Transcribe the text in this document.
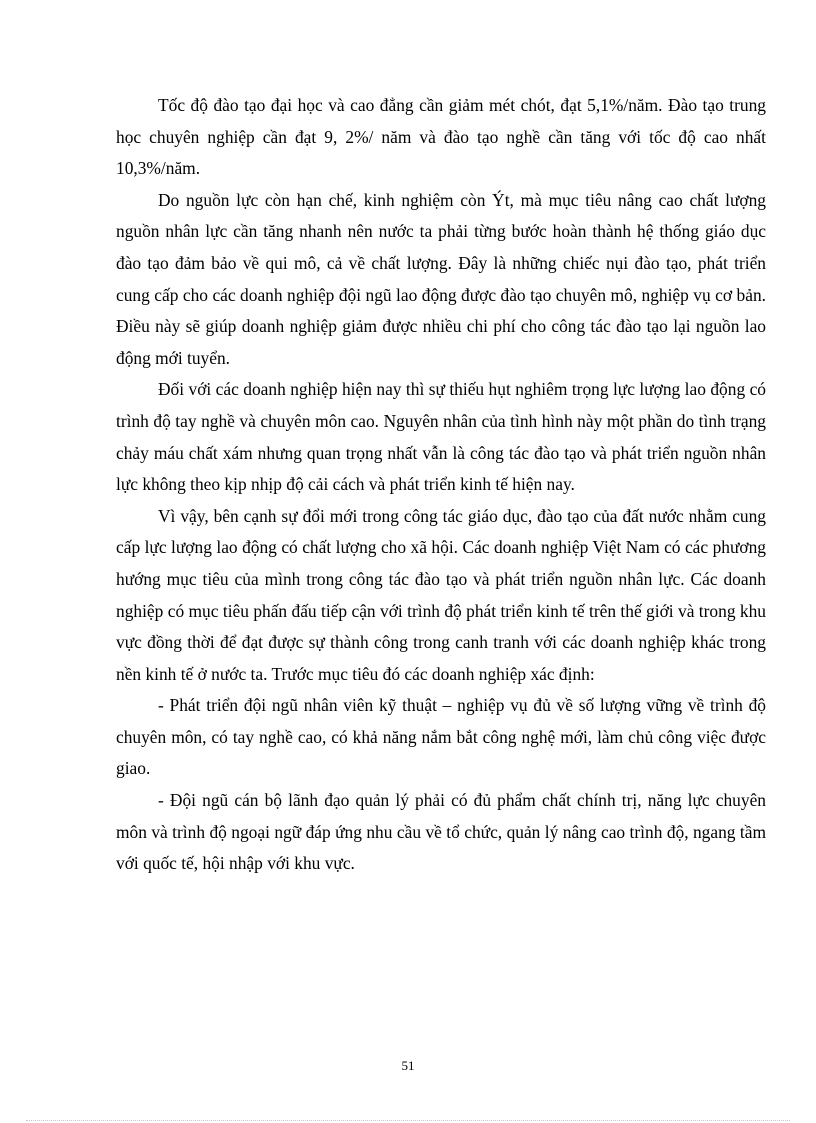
Tốc độ đào tạo đại học và cao đẳng cần giảm mét chót, đạt 5,1%/năm. Đào tạo trung học chuyên nghiệp cần đạt 9, 2%/ năm và đào tạo nghề cần tăng với tốc độ cao nhất 10,3%/năm.

Do nguồn lực còn hạn chế, kinh nghiệm còn Ýt, mà mục tiêu nâng cao chất lượng nguồn nhân lực cần tăng nhanh nên nước ta phải từng bước hoàn thành hệ thống giáo dục đào tạo đảm bảo về qui mô, cả về chất lượng. Đây là những chiếc nụi đào tạo, phát triển cung cấp cho các doanh nghiệp đội ngũ lao động được đào tạo chuyên mô, nghiệp vụ cơ bản. Điều này sẽ giúp doanh nghiệp giảm được nhiều chi phí cho công tác đào tạo lại nguồn lao động mới tuyển.

Đối với các doanh nghiệp hiện nay thì sự thiếu hụt nghiêm trọng lực lượng lao động có trình độ tay nghề và chuyên môn cao. Nguyên nhân của tình hình này một phần do tình trạng chảy máu chất xám nhưng quan trọng nhất vẫn là công tác đào tạo và phát triển nguồn nhân lực không theo kịp nhịp độ cải cách và phát triển kinh tế hiện nay.

Vì vậy, bên cạnh sự đổi mới trong công tác giáo dục, đào tạo của đất nước nhằm cung cấp lực lượng lao động có chất lượng cho xã hội. Các doanh nghiệp Việt Nam có các phương hướng mục tiêu của mình trong công tác đào tạo và phát triển nguồn nhân lực. Các doanh nghiệp có mục tiêu phấn đấu tiếp cận với trình độ phát triển kinh tế trên thế giới và trong khu vực đồng thời để đạt được sự thành công trong canh tranh với các doanh nghiệp khác trong nền kinh tế ở nước ta. Trước mục tiêu đó các doanh nghiệp xác định:

- Phát triển đội ngũ nhân viên kỹ thuật – nghiệp vụ đủ về số lượng vững về trình độ chuyên môn, có tay nghề cao, có khả năng nắm bắt công nghệ mới, làm chủ công việc được giao.

- Đội ngũ cán bộ lãnh đạo quản lý phải có đủ phẩm chất chính trị, năng lực chuyên môn và trình độ ngoại ngữ đáp ứng nhu cầu về tổ chức, quản lý nâng cao trình độ, ngang tầm với quốc tế, hội nhập với khu vực.

51
